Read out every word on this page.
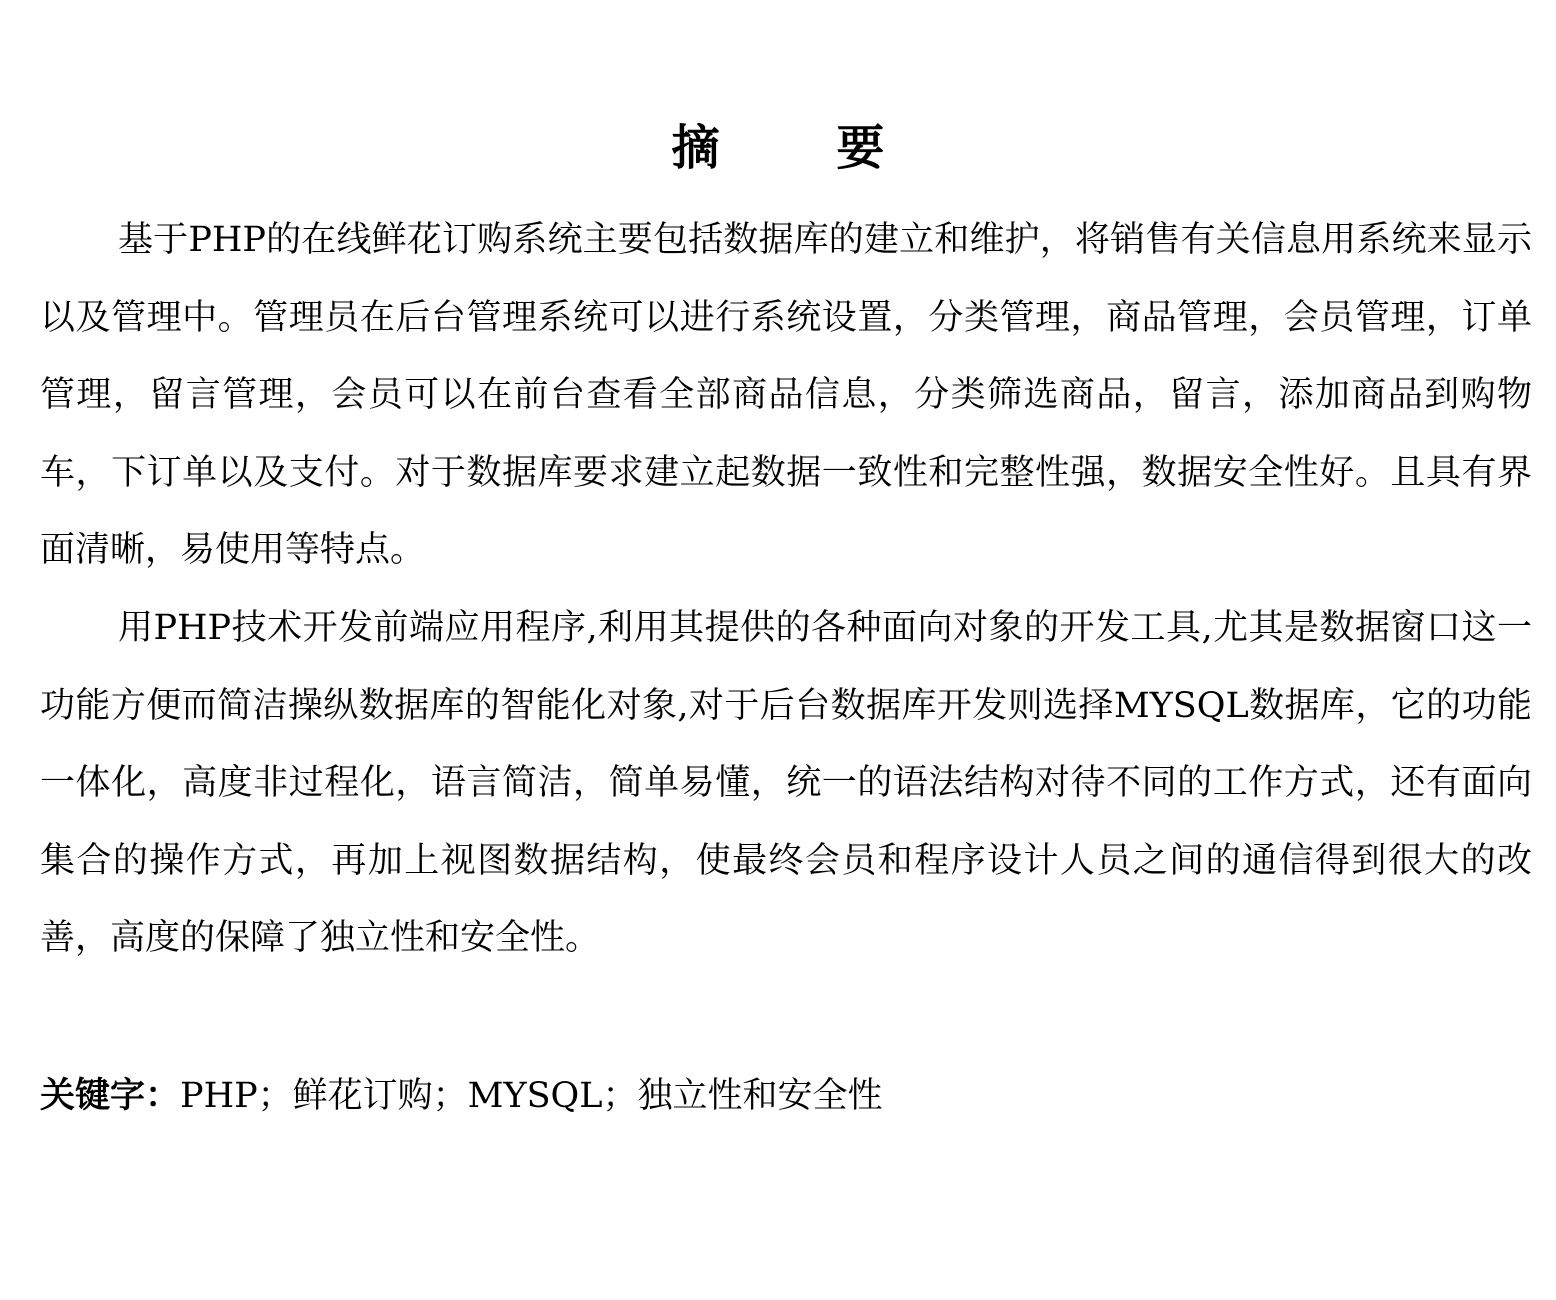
摘 要

基于PHP的在线鲜花订购系统主要包括数据库的建立和维护，将销售有关信息用系统来显示以及管理中。管理员在后台管理系统可以进行系统设置，分类管理，商品管理，会员管理，订单管理，留言管理，会员可以在前台查看全部商品信息，分类筛选商品，留言，添加商品到购物车，下订单以及支付。对于数据库要求建立起数据一致性和完整性强，数据安全性好。且具有界面清晰，易使用等特点。

用PHP技术开发前端应用程序,利用其提供的各种面向对象的开发工具,尤其是数据窗口这一功能方便而简洁操纵数据库的智能化对象,对于后台数据库开发则选择MYSQL数据库，它的功能一体化，高度非过程化，语言简洁，简单易懂，统一的语法结构对待不同的工作方式，还有面向集合的操作方式，再加上视图数据结构，使最终会员和程序设计人员之间的通信得到很大的改善，高度的保障了独立性和安全性。

关键字：PHP；鲜花订购；MYSQL；独立性和安全性
